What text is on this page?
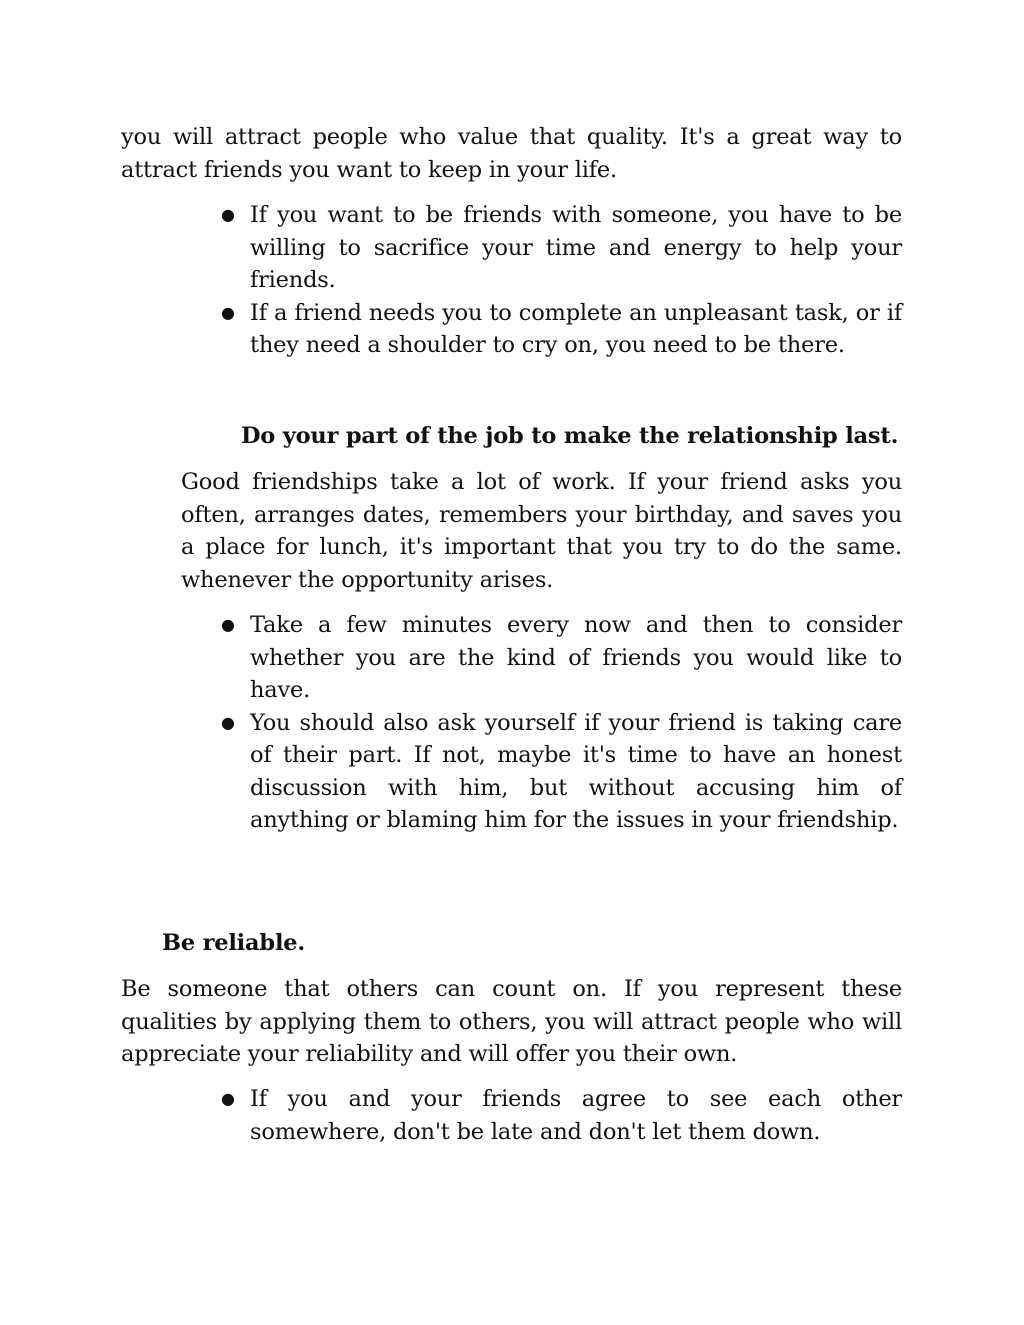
you will attract people who value that quality. It's a great way to attract friends you want to keep in your life.

● If you want to be friends with someone, you have to be willing to sacrifice your time and energy to help your friends.
● If a friend needs you to complete an unpleasant task, or if they need a shoulder to cry on, you need to be there.
Do your part of the job to make the relationship last.

Good friendships take a lot of work. If your friend asks you often, arranges dates, remembers your birthday, and saves you a place for lunch, it's important that you try to do the same. whenever the opportunity arises.

● Take a few minutes every now and then to consider whether you are the kind of friends you would like to have.
● You should also ask yourself if your friend is taking care of their part. If not, maybe it's time to have an honest discussion with him, but without accusing him of anything or blaming him for the issues in your friendship.
Be reliable.

Be someone that others can count on. If you represent these qualities by applying them to others, you will attract people who will appreciate your reliability and will offer you their own.

● If you and your friends agree to see each other somewhere, don't be late and don't let them down.
